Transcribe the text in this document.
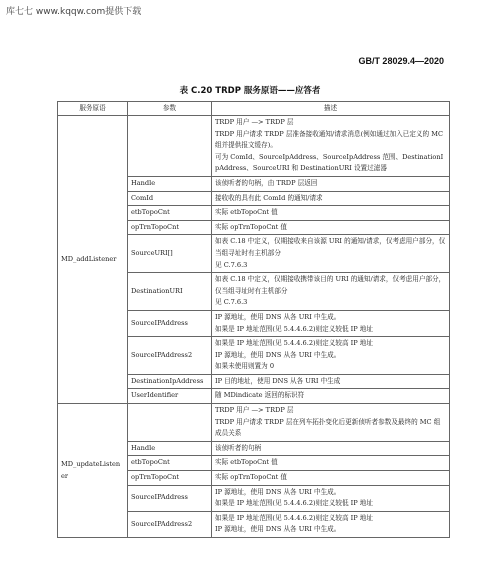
库七七 www.kqqw.com提供下载
GB/T 28029.4—2020
表 C.20 TRDP 服务原语——应答者
服务原语	参数	描述
MD_addListener		TRDP 用户 —> TRDP 层
TRDP 用户请求 TRDP 层准备接收通知/请求消息(例如通过加入已定义的 MC 组并提供报文缓存)。
可为 ComId、SourceIpAddress、SourceIpAddress 范围、DestinationIpAddress、SourceURI 和 DestinationURI 设置过滤器

	Handle	该侦听者的句柄，由 TRDP 层返回

	ComId	接收收的具有此 ComId 的通知/请求

	etbTopoCnt	实际 etbTopoCnt 值

	opTrnTopoCnt	实际 opTrnTopoCnt 值

	SourceURI[]	如表 C.18 中定义，仅期接收来自该源 URI 的通知/请求，仅考虑用户部分，仅当组寻址时有主机部分
见 C.7.6.3

	DestinationURI	如表 C.18 中定义，仅期接收携带该目的 URI 的通知/请求，仅考虑用户部分，仅当组寻址时有主机部分
见 C.7.6.3

	SourceIPAddress	IP 源地址，使用 DNS 从各 URI 中生成。
如果是 IP 地址范围(见 5.4.4.6.2)则定义较低 IP 地址

	SourceIPAddress2	如果是 IP 地址范围(见 5.4.4.6.2)则定义较高 IP 地址
IP 源地址，使用 DNS 从各 URI 中生成。
如果未使用则置为 0

	DestinationIpAddress	IP 目的地址，使用 DNS 从各 URI 中生成

	UserIdentifier	随 MDindicate 返回的标识符

MD_updateListener		TRDP 用户 —> TRDP 层
TRDP 用户请求 TRDP 层在列车拓扑变化后更新侦听者参数及最终的 MC 组成员关系

	Handle	该侦听者的句柄

	etbTopoCnt	实际 etbTopoCnt 值

	opTrnTopoCnt	实际 opTrnTopoCnt 值

	SourceIPAddress	IP 源地址，使用 DNS 从各 URI 中生成。
如果是 IP 地址范围(见 5.4.4.6.2)则定义较低 IP 地址

	SourceIPAddress2	如果是 IP 地址范围(见 5.4.4.6.2)则定义较高 IP 地址
IP 源地址，使用 DNS 从各 URI 中生成。
